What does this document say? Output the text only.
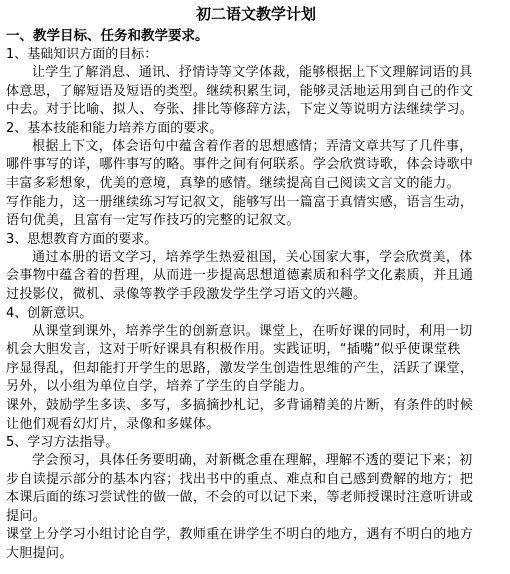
初二语文教学计划
一、教学目标、任务和教学要求。
1、基础知识方面的目标：
让学生了解消息、通讯、抒情诗等文学体裁，能够根据上下文理解词语的具
体意思，了解短语及短语的类型。继续积累生词，能够灵活地运用到自己的作文
中去。对于比喻、拟人、夸张、排比等修辞方法，下定义等说明方法继续学习。
2、基本技能和能力培养方面的要求。
根据上下文，体会语句中蕴含着作者的思想感情；弄清文章共写了几件事，
哪件事写的详，哪件事写的略。事件之间有何联系。学会欣赏诗歌，体会诗歌中
丰富多彩想象，优美的意境，真挚的感情。继续提高自己阅读文言文的能力。
写作能力，这一册继续练习写记叙文，能够写出一篇富于真情实感，语言生动，
语句优美，且富有一定写作技巧的完整的记叙文。
3、思想教育方面的要求。
通过本册的语文学习，培养学生热爱祖国，关心国家大事，学会欣赏美，体
会事物中蕴含着的哲理，从而进一步提高思想道德素质和科学文化素质，并且通
过投影仪，微机、录像等教学手段激发学生学习语文的兴趣。
4、创新意识。
从课堂到课外，培养学生的创新意识。课堂上，在听好课的同时，利用一切
机会大胆发言，这对于听好课具有积极作用。实践证明，“插嘴”似乎使课堂秩
序显得乱，但却能打开学生的思路，激发学生创造性思维的产生，活跃了课堂，
另外，以小组为单位自学，培养了学生的自学能力。
课外，鼓励学生多读、多写，多搞摘抄札记，多背诵精美的片断，有条件的时候
让他们观看幻灯片，录像和多媒体。
5、学习方法指导。
学会预习，具体任务要明确，对新概念重在理解，理解不透的要记下来；初
步自读提示部分的基本内容；找出书中的重点、难点和自己感到费解的地方；把
本课后面的练习尝试性的做一做，不会的可以记下来，等老师授课时注意听讲或
提问。
课堂上分学习小组讨论自学，教师重在讲学生不明白的地方，遇有不明白的地方
大胆提问。
